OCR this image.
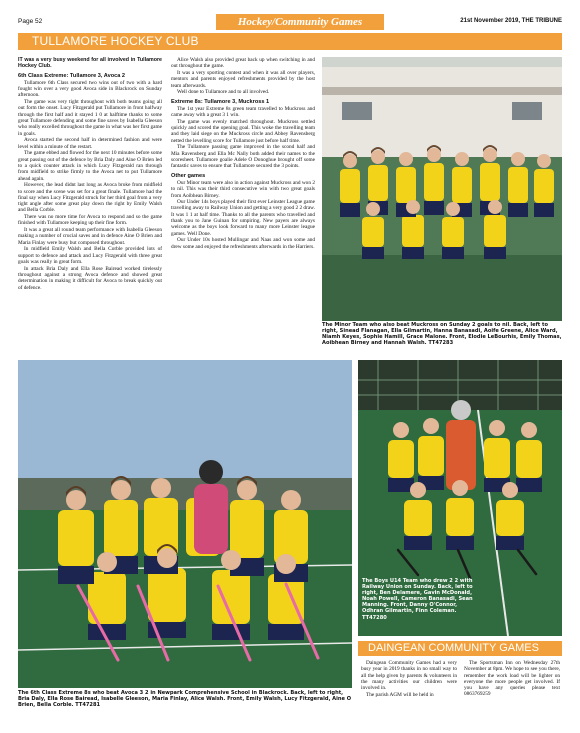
Page 52	Hockey/Community Games	21st November 2019, THE TRIBUNE
TULLAMORE HOCKEY CLUB

IT was a very busy weekend for all involved in Tullamore Hockey Club.

6th Class Extreme: Tullamore 3, Avoca 2

Tullamore 6th Class secured two wins out of two with a hard fought win over a very good Avoca side in Blackrock on Sunday afternoon.

The game was very tight throughout with both teams going all out form the onset. Lucy Fitzgerald put Tullamore in front halfway through the first half and it stayed 1 0 at halftime thanks to some great Tullamore defending and some fine saves by Isabella Gleeson who really excelled throughout the game in what was her first game in goals.

Avoca started the second half in determined fashion and were level within a minute of the restart.

The game ebbed and flowed for the next 10 minutes before some great passing out of the defence by Bria Daly and Aine O Brien led to a quick counter attack in which Lucy Fitzgerald ran through from midfield to strike firmly to the Avoca net to put Tullamore ahead again.

However, the lead didnt last long as Avoca broke from midfield to score and the scene was set for a great finale. Tullamore had the final say when Lucy Fitzgerald struck for her third goal from a very tight angle after some great play down the right by Emily Walsh and Bella Corble.

There was no more time for Avoca to respond and so the game finished with Tullamore keeping up their fine form.

It was a great all round team performance with Isabella Gleeson making a number of crucial saves and in defence Aine O Brien and Maria Finlay were busy but composed throughout.

In midfield Emily Walsh and Bella Corble provided lots of support to defence and attack and Lucy Fitzgerald with three great goals was really in great form.

In attack Bria Daly and Ella Rose Bairead worked tirelessly throughout against a strong Avoca defence and showed great determination in making it difficult for Avoca to break quickly out of defence.

Alice Walsh also provided great back up when switching in and out throughout the game.

It was a very sporting contest and when it was all over players, mentors and parents enjoyed refreshments provided by the host team afterwards.

Well done to Tullamore and to all involved.

Extreme 8s: Tullamore 3, Muckross 1

The 1st year Extreme 8s green team travelled to Muckross and came away with a great 3 1 win.

The game was evenly matched throughout. Muckross settled quickly and scored the opening goal. This woke the travelling team and they laid siege on the Muckross circle and Abbey Ravensberg netted the levelling score for Tullamore just before half time.

The Tullamore passing game improved in the scond half and Mia Ravensberg and Ella Mc Nally both added their names to the scoresheet. Tullamore goalie Adele O Donoghue brought off some fantastic saves to ensure that Tullamore secured the 3 points.

Other games

Our Minor team were also in action against Muckross and won 2 to nil. This was their third consecutive win with two great goals from Aoibhean Birney.

Our Under 14s boys played their first ever Leinster League game travelling away to Railway Union and getting a very good 2 2 draw. It was 1 1 at half time. Thanks to all the parents who travelled and thank you to Jane Guinan for umpiring. New payers are always welcome as the boys look forward to many more Leinster league games. Well Done.

Our Under 10s hosted Mullingar and Naas and won some and drew some and enjoyed the refreshments afterwards in the Harriers.

The Minor Team who also beat Muckross on Sunday 2 goals to nil. Back, left to right, Sinead Flanagan, Ella Gilmartin, Hanna Banasadi, Aoife Greene, Alice Ward, Niamh Keyes, Sophie Hamill, Grace Malone. Front, Elodie LeBourhis, Emily Thomas, Aoibhean Birney and Hannah Walsh. TT47283
The 6th Class Extreme 8s who beat Avoca 3 2 in Newpark Comprehensive School in Blackrock. Back, left to right, Bria Daly, Ella Rose Bairead, Isabelle Gleeson, Maria Finlay, Alice Walsh. Front, Emily Walsh, Lucy Fitzgerald, Aine O Brien, Bella Corble. TT47281
The Boys U14 Team who drew 2 2 with Railway Union on Sunday. Back, left to right, Ben Delamere, Gavin McDonald, Noah Powell, Cameron Banasadi, Sean Manning. Front, Danny O'Connor, Odhran Gilmartin, Finn Coleman. TT47280
DAINGEAN COMMUNITY GAMES

Daingean Community Games had a very busy year in 2019 thanks in no small way to all the help given by parents & volunteers in the many activities our children were involved in.

The parish AGM will be held in

The Sportsman Inn on Wednesday 27th November at 8pm. We hope to see you there, remember the work load will be lighter on everyone the more people get involved. If you have any queries please text 0863769259
